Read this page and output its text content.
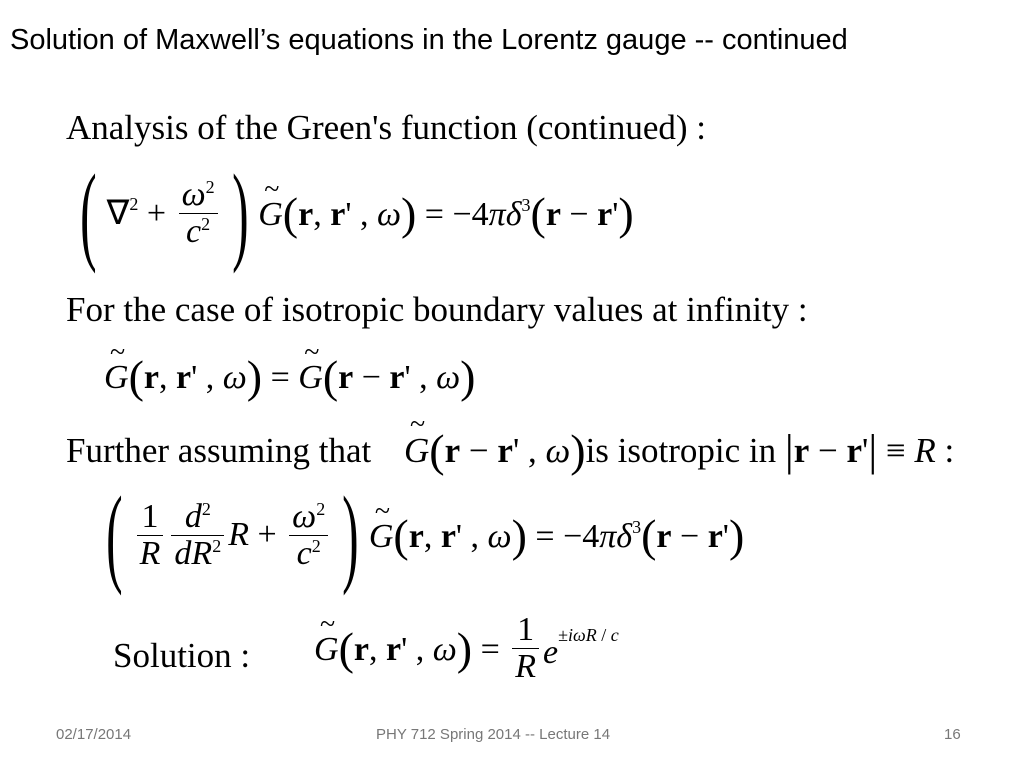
Solution of Maxwell’s equations in the Lorentz gauge -- continued
Analysis of the Green's function (continued) :
( $\nabla^2 + \frac{\omega^2}{c^2}$ ) ~ G(r, r' , $\omega) = -4\pi\delta^3(r - r')$
For the case of isotropic boundary values at infinity :
~ G(r, r' , ω) = ~ G(r − r' , ω)
Further assuming that ~ G(r − r' , ω)is isotropic in |r − r'| ≡ R :
( $\frac{1}{R} \frac{d^2}{dR^2}$ $R + \frac{\omega^2}{c^2}$ ) ~ G(r, r' , $\omega) = -4\pi\delta^3(r - r')$
Solution : ~ G(r, r' , $\omega) = \frac{1}{R} e^{\pm i\omega R / c}$
02/17/2014	PHY 712 Spring 2014 -- Lecture 14	16
